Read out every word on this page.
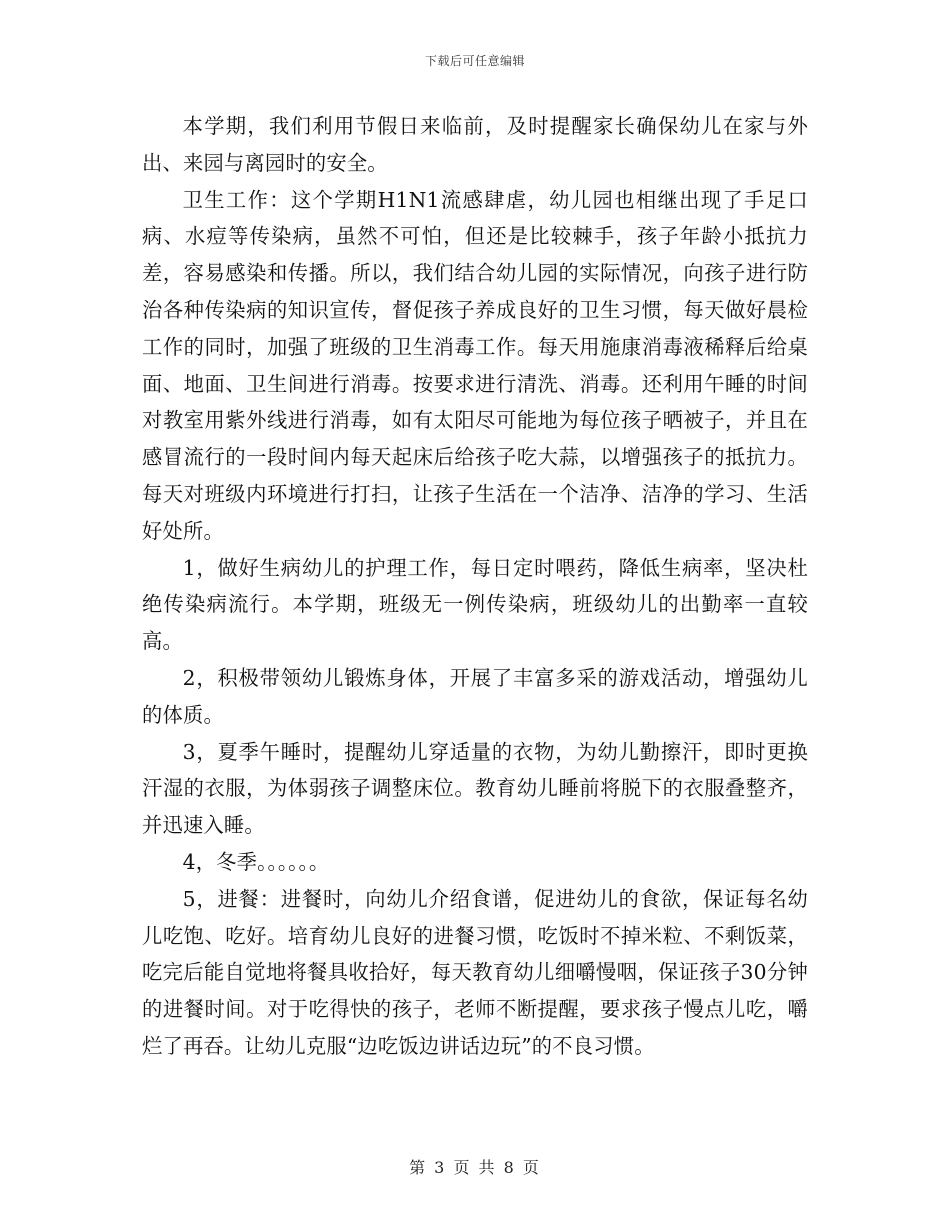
下载后可任意编辑

本学期，我们利用节假日来临前，及时提醒家长确保幼儿在家与外出、来园与离园时的安全。

卫生工作：这个学期H1N1流感肆虐，幼儿园也相继出现了手足口病、水痘等传染病，虽然不可怕，但还是比较棘手，孩子年龄小抵抗力差，容易感染和传播。所以，我们结合幼儿园的实际情况，向孩子进行防治各种传染病的知识宣传，督促孩子养成良好的卫生习惯，每天做好晨检工作的同时，加强了班级的卫生消毒工作。每天用施康消毒液稀释后给桌面、地面、卫生间进行消毒。按要求进行清洗、消毒。还利用午睡的时间对教室用紫外线进行消毒，如有太阳尽可能地为每位孩子晒被子，并且在感冒流行的一段时间内每天起床后给孩子吃大蒜，以增强孩子的抵抗力。每天对班级内环境进行打扫，让孩子生活在一个洁净、洁净的学习、生活好处所。

1，做好生病幼儿的护理工作，每日定时喂药，降低生病率，坚决杜绝传染病流行。本学期，班级无一例传染病，班级幼儿的出勤率一直较高。

2，积极带领幼儿锻炼身体，开展了丰富多采的游戏活动，增强幼儿的体质。

3，夏季午睡时，提醒幼儿穿适量的衣物，为幼儿勤擦汗，即时更换汗湿的衣服，为体弱孩子调整床位。教育幼儿睡前将脱下的衣服叠整齐，并迅速入睡。

4，冬季。。。。。。

5，进餐：进餐时，向幼儿介绍食谱，促进幼儿的食欲，保证每名幼儿吃饱、吃好。培育幼儿良好的进餐习惯，吃饭时不掉米粒、不剩饭菜，吃完后能自觉地将餐具收拾好，每天教育幼儿细嚼慢咽，保证孩子30分钟的进餐时间。对于吃得快的孩子，老师不断提醒，要求孩子慢点儿吃，嚼烂了再吞。让幼儿克服“边吃饭边讲话边玩”的不良习惯。

第 3 页 共 8 页
